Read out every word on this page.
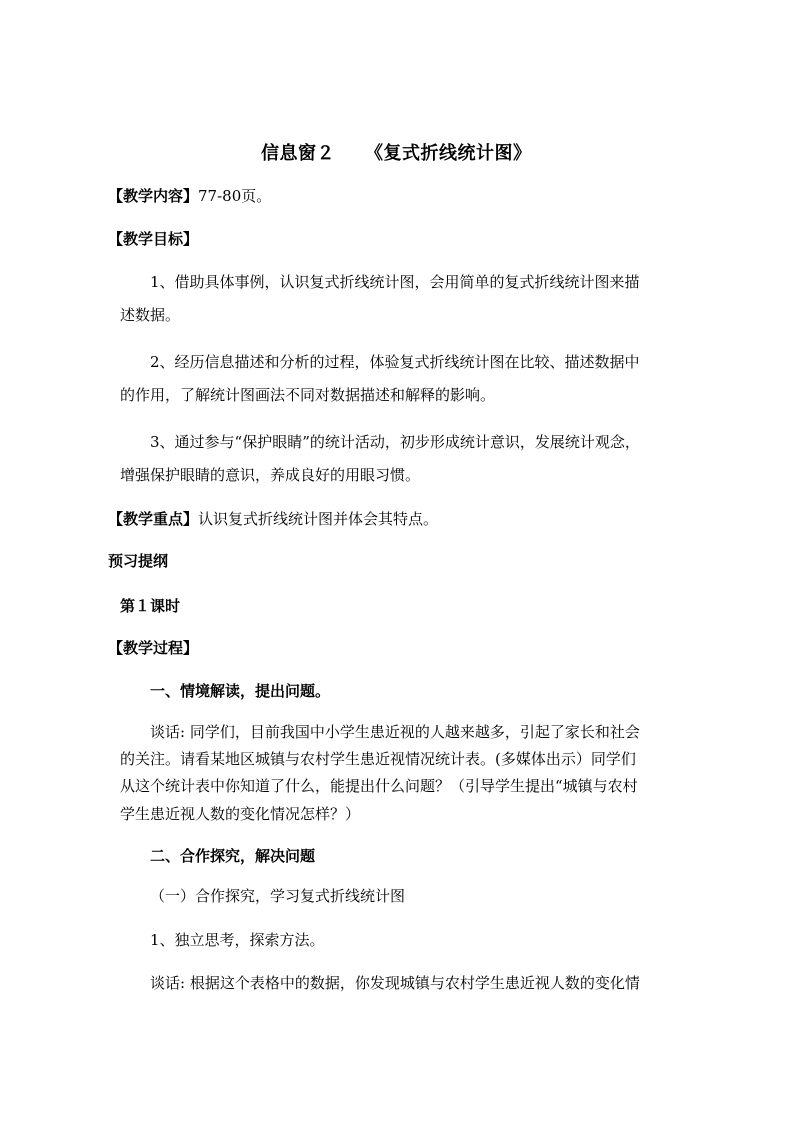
信息窗２ 《复式折线统计图》
【教学内容】77-80页。
【教学目标】
1、借助具体事例，认识复式折线统计图，会用简单的复式折线统计图来描
述数据。
2、经历信息描述和分析的过程，体验复式折线统计图在比较、描述数据中
的作用，了解统计图画法不同对数据描述和解释的影响。
3、通过参与“保护眼睛”的统计活动，初步形成统计意识，发展统计观念，
增强保护眼睛的意识，养成良好的用眼习惯。
【教学重点】认识复式折线统计图并体会其特点。
预习提纲
第１课时
【教学过程】
一、情境解读，提出问题。
谈话: 同学们，目前我国中小学生患近视的人越来越多，引起了家长和社会
的关注。请看某地区城镇与农村学生患近视情况统计表。(多媒体出示）同学们
从这个统计表中你知道了什么，能提出什么问题？（引导学生提出“城镇与农村
学生患近视人数的变化情况怎样？）
二、合作探究，解决问题
（一）合作探究，学习复式折线统计图
1、独立思考，探索方法。
谈话: 根据这个表格中的数据，你发现城镇与农村学生患近视人数的变化情
